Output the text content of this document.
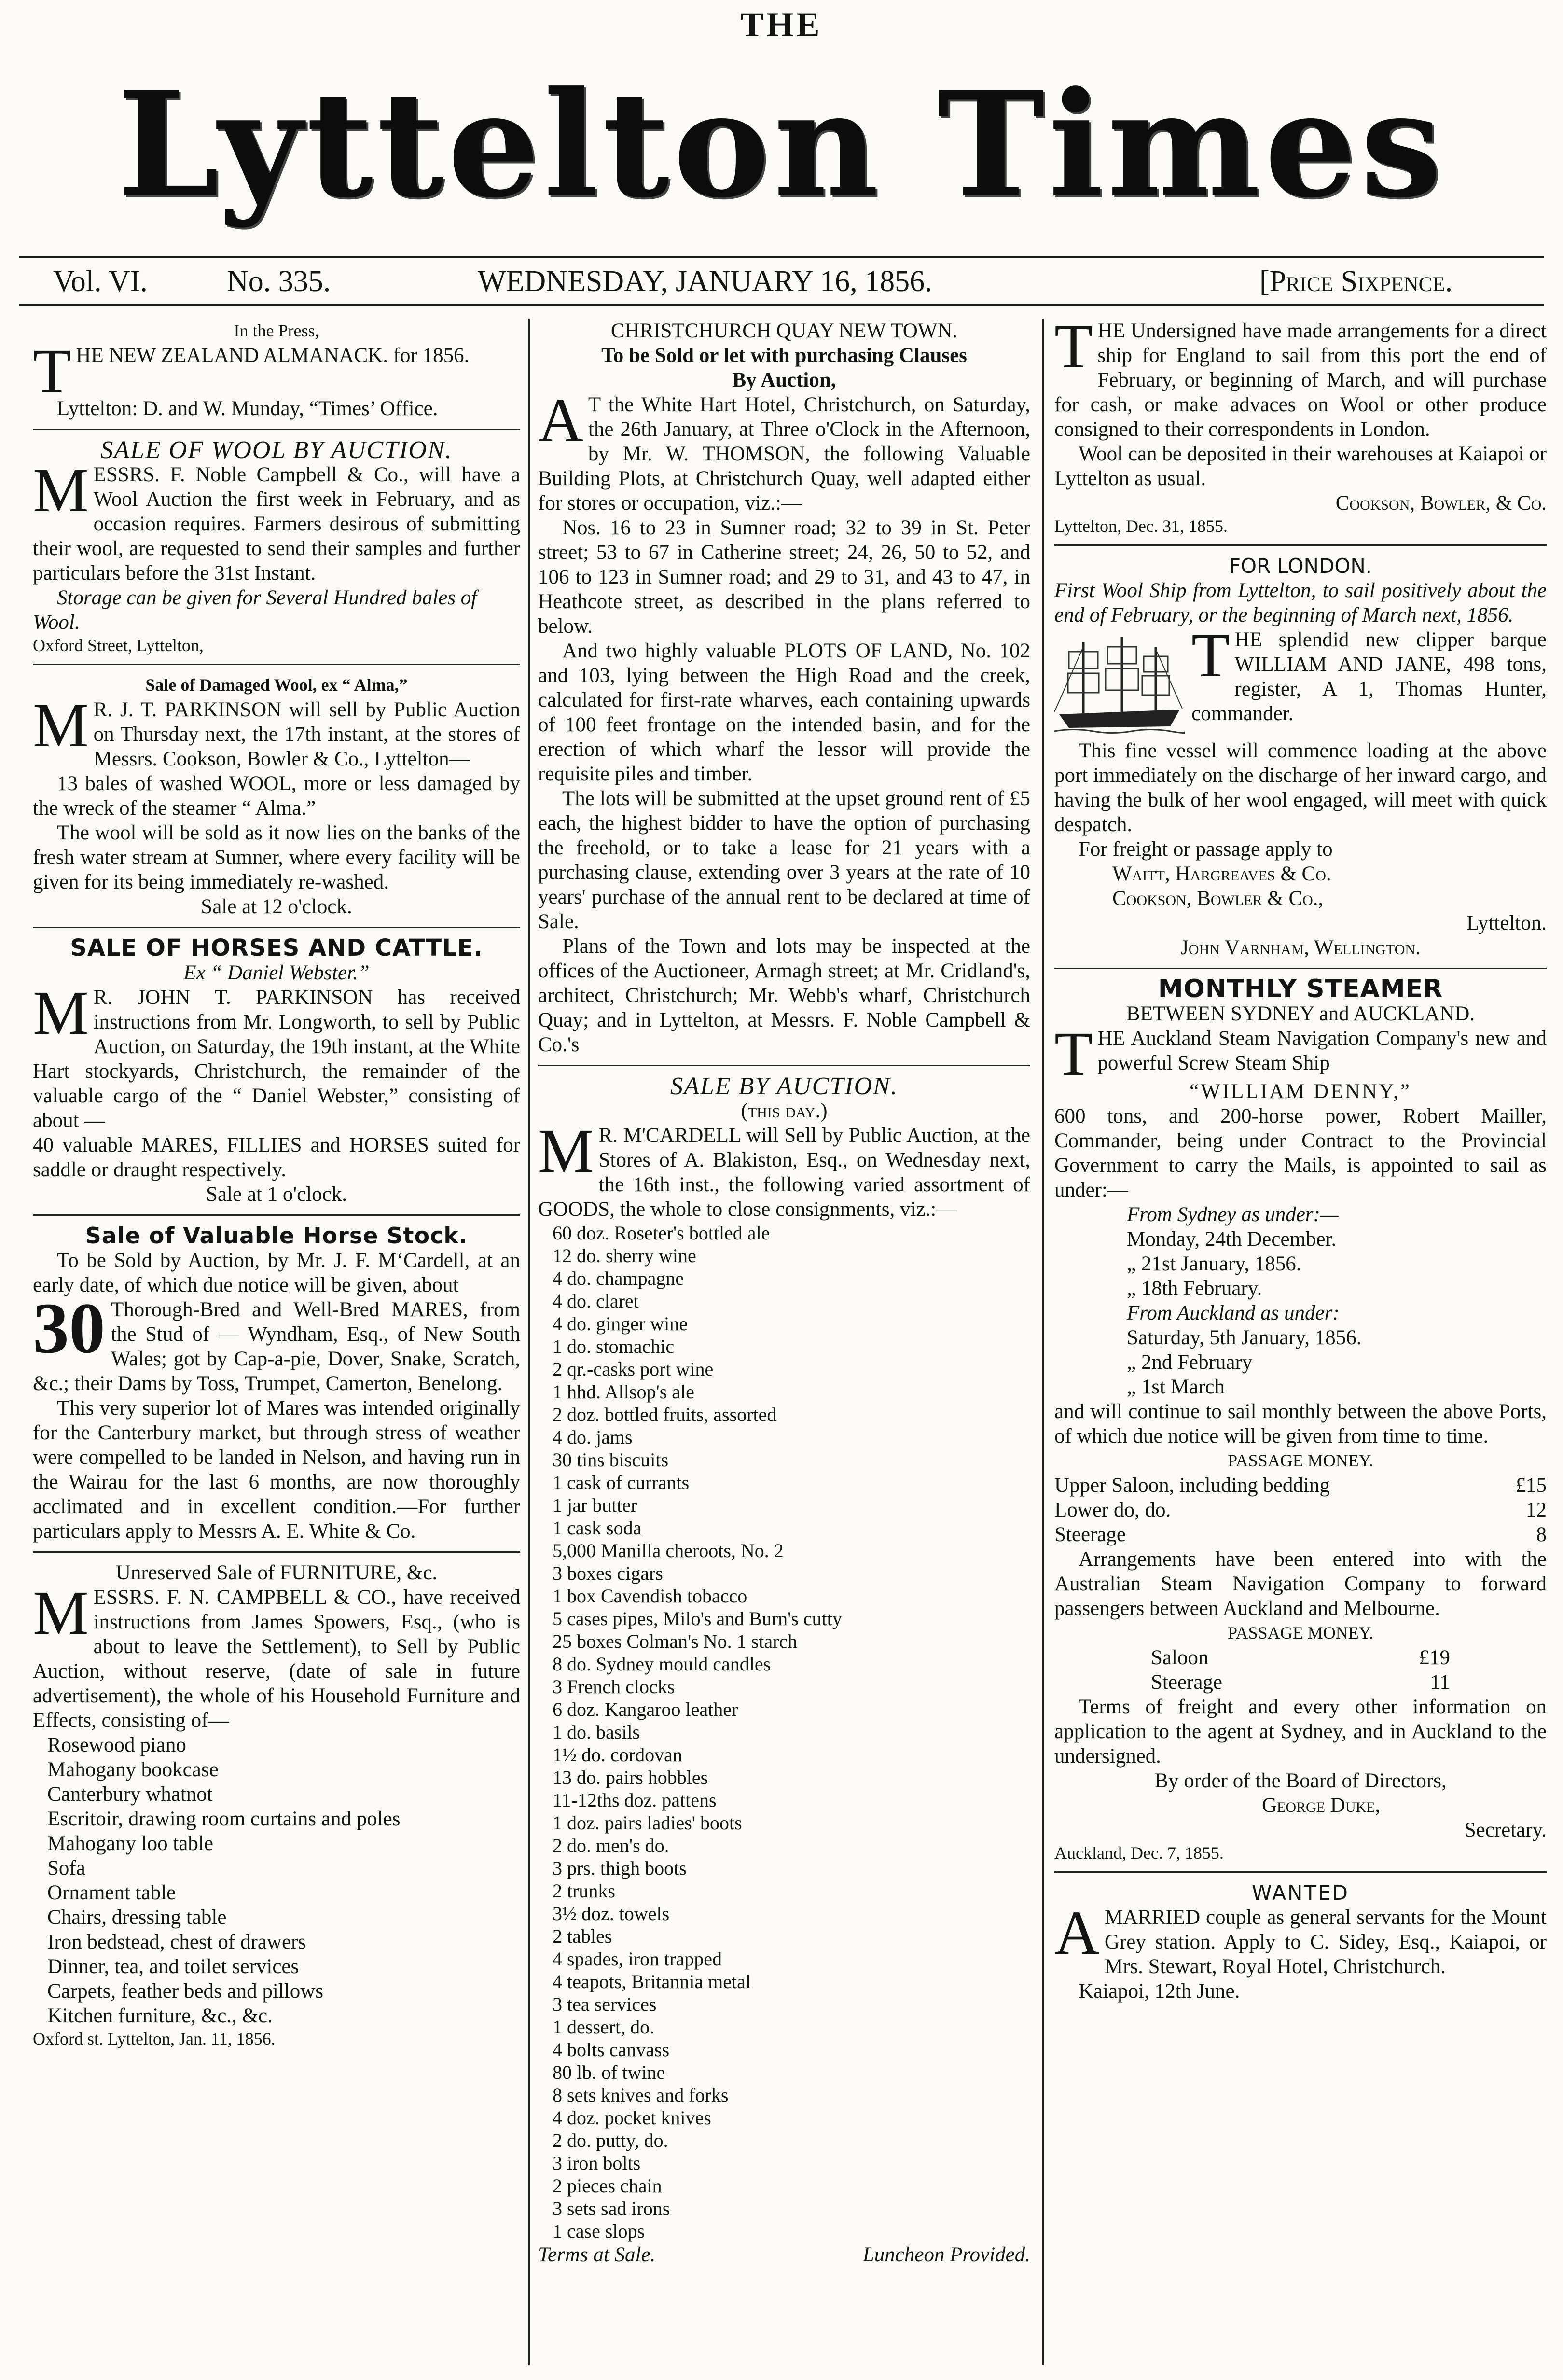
THE
Lyttelton Times
Vol. VI.	No. 335.	WEDNESDAY, JANUARY 16, 1856.	[Price Sixpence.
In the Press,
THE NEW ZEALAND ALMANACK. for 1856.
Lyttelton: D. and W. Munday, “Times’ Office.
SALE OF WOOL BY AUCTION.
MESSRS. F. Noble Campbell & Co., will have a Wool Auction the first week in February, and as occasion requires. Farmers desirous of submitting their wool, are requested to send their samples and further particulars before the 31st Instant.
Storage can be given for Several Hundred bales of Wool.
Oxford Street, Lyttelton,
Sale of Damaged Wool, ex “ Alma,”
M R. J. T. PARKINSON will sell by Public Auction on Thursday next, the 17th instant, at the stores of Messrs. Cookson, Bowler & Co., Lyttelton—
13 bales of washed WOOL, more or less damaged by the wreck of the steamer “ Alma.”
The wool will be sold as it now lies on the banks of the fresh water stream at Sumner, where every facility will be given for its being immediately re-washed.
Sale at 12 o'clock.
SALE OF HORSES AND CATTLE.
Ex “ Daniel Webster.”
M R. JOHN T. PARKINSON has received instructions from Mr. Longworth, to sell by Public Auction, on Saturday, the 19th instant, at the White Hart stockyards, Christchurch, the remainder of the valuable cargo of the “ Daniel Webster,” consisting of about —
40 valuable MARES, FILLIES and HORSES suited for saddle or draught respectively.
Sale at 1 o'clock.
Sale of Valuable Horse Stock.
To be Sold by Auction, by Mr. J. F. M‘Cardell, at an early date, of which due notice will be given, about
30 Thorough-Bred and Well-Bred MARES, from the Stud of — Wyndham, Esq., of New South Wales; got by Cap-a-pie, Dover, Snake, Scratch, &c.; their Dams by Toss, Trumpet, Camerton, Benelong.
This very superior lot of Mares was intended originally for the Canterbury market, but through stress of weather were compelled to be landed in Nelson, and having run in the Wairau for the last 6 months, are now thoroughly acclimated and in excellent condition.—For further particulars apply to Messrs A. E. White & Co.
Unreserved Sale of FURNITURE, &c.
MESSRS. F. N. CAMPBELL & CO., have received instructions from James Spowers, Esq., (who is about to leave the Settlement), to Sell by Public Auction, without reserve, (date of sale in future advertisement), the whole of his Household Furniture and Effects, consisting of—
Rosewood piano
Mahogany bookcase
Canterbury whatnot
Escritoir, drawing room curtains and poles
Mahogany loo table
Sofa
Ornament table
Chairs, dressing table
Iron bedstead, chest of drawers
Dinner, tea, and toilet services
Carpets, feather beds and pillows
Kitchen furniture, &c., &c.
Oxford st. Lyttelton, Jan. 11, 1856.
CHRISTCHURCH QUAY NEW TOWN.
To be Sold or let with purchasing Clauses
By Auction,
A T the White Hart Hotel, Christchurch, on Saturday, the 26th January, at Three o'Clock in the Afternoon, by Mr. W. THOMSON, the following Valuable Building Plots, at Christchurch Quay, well adapted either for stores or occupation, viz.:—
Nos. 16 to 23 in Sumner road; 32 to 39 in St. Peter street; 53 to 67 in Catherine street; 24, 26, 50 to 52, and 106 to 123 in Sumner road; and 29 to 31, and 43 to 47, in Heathcote street, as described in the plans referred to below.
And two highly valuable PLOTS OF LAND, No. 102 and 103, lying between the High Road and the creek, calculated for first-rate wharves, each containing upwards of 100 feet frontage on the intended basin, and for the erection of which wharf the lessor will provide the requisite piles and timber.
The lots will be submitted at the upset ground rent of £5 each, the highest bidder to have the option of purchasing the freehold, or to take a lease for 21 years with a purchasing clause, extending over 3 years at the rate of 10 years' purchase of the annual rent to be declared at time of Sale.
Plans of the Town and lots may be inspected at the offices of the Auctioneer, Armagh street; at Mr. Cridland's, architect, Christchurch; Mr. Webb's wharf, Christchurch Quay; and in Lyttelton, at Messrs. F. Noble Campbell & Co.'s
SALE BY AUCTION.
(this day.)
M R. M'CARDELL will Sell by Public Auction, at the Stores of A. Blakiston, Esq., on Wednesday next, the 16th inst., the following varied assortment of GOODS, the whole to close consignments, viz.:—
60 doz. Roseter's bottled ale
12 do. sherry wine
4 do. champagne
4 do. claret
4 do. ginger wine
1 do. stomachic
2 qr.-casks port wine
1 hhd. Allsop's ale
2 doz. bottled fruits, assorted
4 do. jams
30 tins biscuits
1 cask of currants
1 jar butter
1 cask soda
5,000 Manilla cheroots, No. 2
3 boxes cigars
1 box Cavendish tobacco
5 cases pipes, Milo's and Burn's cutty
25 boxes Colman's No. 1 starch
8 do. Sydney mould candles
3 French clocks
6 doz. Kangaroo leather
1 do. basils
1½ do. cordovan
13 do. pairs hobbles
11-12ths doz. pattens
1 doz. pairs ladies' boots
2 do. men's do.
3 prs. thigh boots
2 trunks
3½ doz. towels
2 tables
4 spades, iron trapped
4 teapots, Britannia metal
3 tea services
1 dessert, do.
4 bolts canvass
80 lb. of twine
8 sets knives and forks
4 doz. pocket knives
2 do. putty, do.
3 iron bolts
2 pieces chain
3 sets sad irons
1 case slops
Terms at Sale.	Luncheon Provided.
THE Undersigned have made arrangements for a direct ship for England to sail from this port the end of February, or beginning of March, and will purchase for cash, or make advaces on Wool or other produce consigned to their correspondents in London.
Wool can be deposited in their warehouses at Kaiapoi or Lyttelton as usual.
Cookson, Bowler, & Co.
Lyttelton, Dec. 31, 1855.
FOR LONDON.
First Wool Ship from Lyttelton, to sail positively about the end of February, or the beginning of March next, 1856.
THE splendid new clipper barque WILLIAM AND JANE, 498 tons, register, A 1, Thomas Hunter, commander.
This fine vessel will commence loading at the above port immediately on the discharge of her inward cargo, and having the bulk of her wool engaged, will meet with quick despatch.
For freight or passage apply to
Waitt, Hargreaves & Co.
Cookson, Bowler & Co.,
Lyttelton.
John Varnham, Wellington.
MONTHLY STEAMER
BETWEEN SYDNEY and AUCKLAND.
THE Auckland Steam Navigation Company's new and powerful Screw Steam Ship
“WILLIAM DENNY,”
600 tons, and 200-horse power, Robert Mailler, Commander, being under Contract to the Provincial Government to carry the Mails, is appointed to sail as under:—
From Sydney as under:—
Monday, 24th December.
„ 21st January, 1856.
„ 18th February.
From Auckland as under:
Saturday, 5th January, 1856.
„ 2nd February
„ 1st March
and will continue to sail monthly between the above Ports, of which due notice will be given from time to time.
PASSAGE MONEY.
Upper Saloon, including bedding	£15
Lower do, do.	12
Steerage	8
Arrangements have been entered into with the Australian Steam Navigation Company to forward passengers between Auckland and Melbourne.
PASSAGE MONEY.
Saloon	£19
Steerage	11
Terms of freight and every other information on application to the agent at Sydney, and in Auckland to the undersigned.
By order of the Board of Directors,
George Duke,
Secretary.
Auckland, Dec. 7, 1855.
WANTED
AMARRIED couple as general servants for the Mount Grey station. Apply to C. Sidey, Esq., Kaiapoi, or Mrs. Stewart, Royal Hotel, Christchurch.
Kaiapoi, 12th June.
